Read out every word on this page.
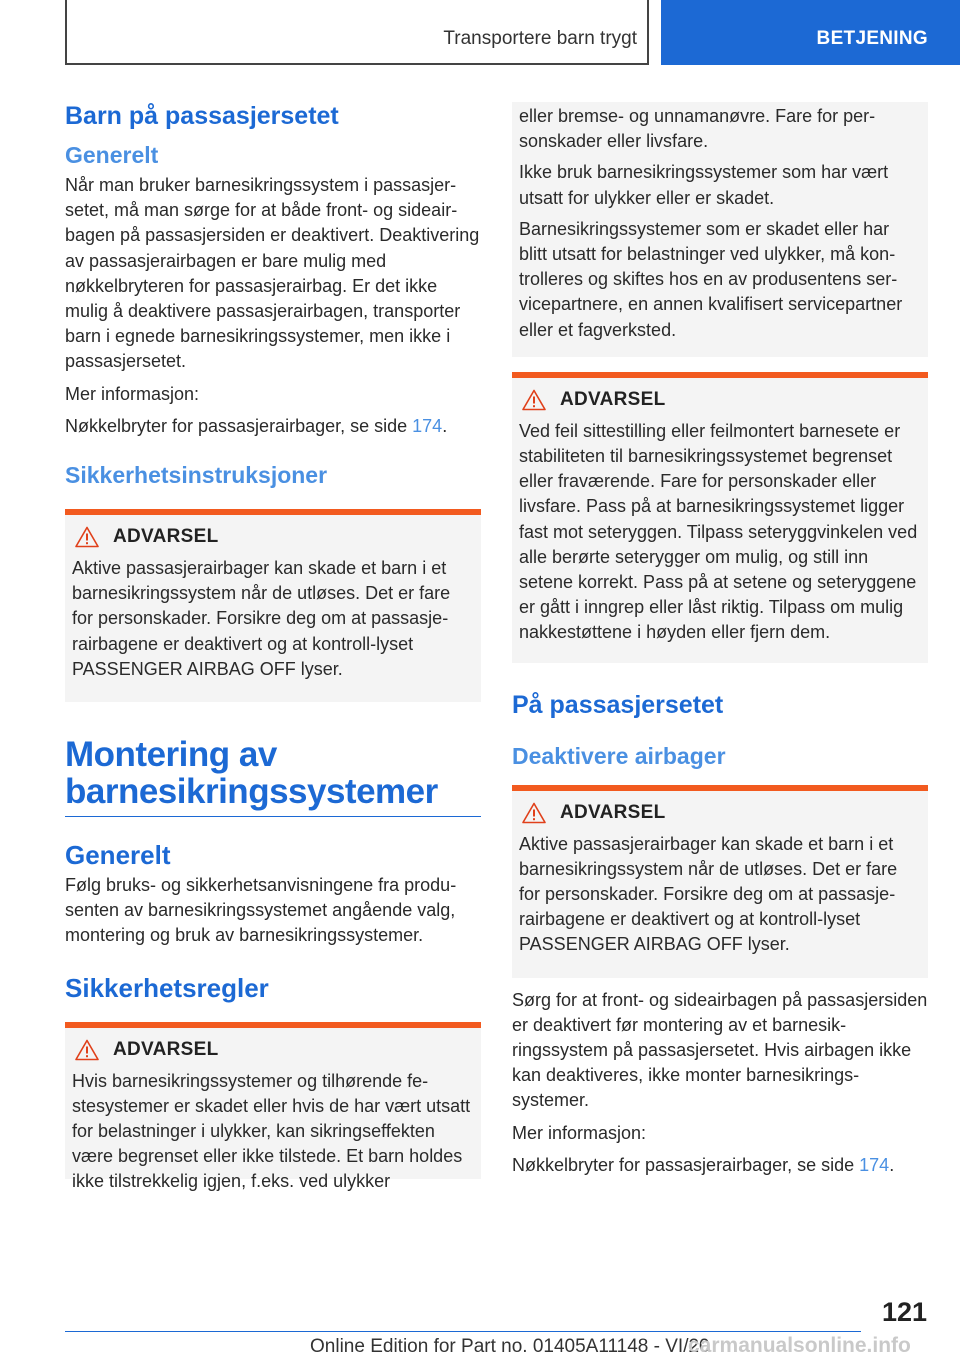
Transportere barn trygt	BETJENING
Barn på passasjersetet
Generelt

Når man bruker barnesikringssystem i passasjersetet, må man sørge for at både front- og sideairbagen på passasjersiden er deaktivert. Deaktivering av passasjerairbagen er bare mulig med nøkkelbryteren for passasjerairbag. Er det ikke mulig å deaktivere passasjerairbagen, transporter barn i egnede barnesikringssystemer, men ikke i passasjersetet.

Mer informasjon:

Nøkkelbryter for passasjerairbager, se side 174.

Sikkerhetsinstruksjoner
ADVARSEL
Aktive passasjerairbager kan skade et barn i et barnesikringssystem når de utløses. Det er fare for personskader. Forsikre deg om at passasjerairbagene er deaktivert og at kontroll-lyset PASSENGER AIRBAG OFF lyser.
Montering av barnesikringssystemer
Generelt

Følg bruks- og sikkerhetsanvisningene fra produsenten av barnesikringssystemet angående valg, montering og bruk av barnesikringssystemer.

Sikkerhetsregler
ADVARSEL
Hvis barnesikringssystemer og tilhørende festesystemer er skadet eller hvis de har vært utsatt for belastninger i ulykker, kan sikringseffekten være begrenset eller ikke tilstede. Et barn holdes ikke tilstrekkelig igjen, f.eks. ved ulykker

eller bremse- og unnamanøvre. Fare for personskader eller livsfare.

Ikke bruk barnesikringssystemer som har vært utsatt for ulykker eller er skadet.

Barnesikringssystemer som er skadet eller har blitt utsatt for belastninger ved ulykker, må kontrolleres og skiftes hos en av produsentens servicepartnere, en annen kvalifisert servicepartner eller et fagverksted.

ADVARSEL
Ved feil sittestilling eller feilmontert barnesete er stabiliteten til barnesikringssystemet begrenset eller fraværende. Fare for personskader eller livsfare. Pass på at barnesikringssystemet ligger fast mot seteryggen. Tilpass seteryggvinkelen ved alle berørte seterygger om mulig, og still inn setene korrekt. Pass på at setene og seteryggene er gått i inngrep eller låst riktig. Tilpass om mulig nakkestøttene i høyden eller fjern dem.
På passasjersetet
Deaktivere airbager
ADVARSEL
Aktive passasjerairbager kan skade et barn i et barnesikringssystem når de utløses. Det er fare for personskader. Forsikre deg om at passasjerairbagene er deaktivert og at kontroll-lyset PASSENGER AIRBAG OFF lyser.

Sørg for at front- og sideairbagen på passasjersiden er deaktivert før montering av et barnesikringssystem på passasjersetet. Hvis airbagen ikke kan deaktiveres, ikke monter barnesikringssystemer.

Mer informasjon:

Nøkkelbryter for passasjerairbager, se side 174.

121
Online Edition for Part no. 01405A11148 - VI/20
carmanualsonline.info
